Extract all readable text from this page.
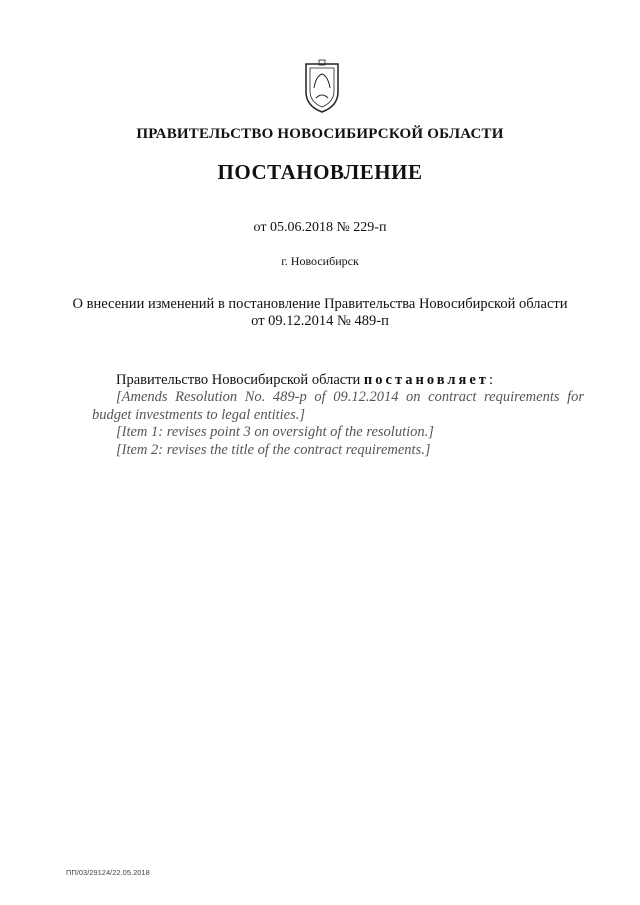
ПРАВИТЕЛЬСТВО НОВОСИБИРСКОЙ ОБЛАСТИ
ПОСТАНОВЛЕНИЕ
от 05.06.2018 № 229-п
г. Новосибирск
О внесении изменений в постановление Правительства Новосибирской области
от 09.12.2014 № 489-п

Правительство Новосибирской области постановляет:

[Amends Resolution No. 489-p of 09.12.2014 on contract requirements for budget investments to legal entities.]

[Item 1: revises point 3 on oversight of the resolution.]

[Item 2: revises the title of the contract requirements.]

ПП/03/29124/22.05.2018
